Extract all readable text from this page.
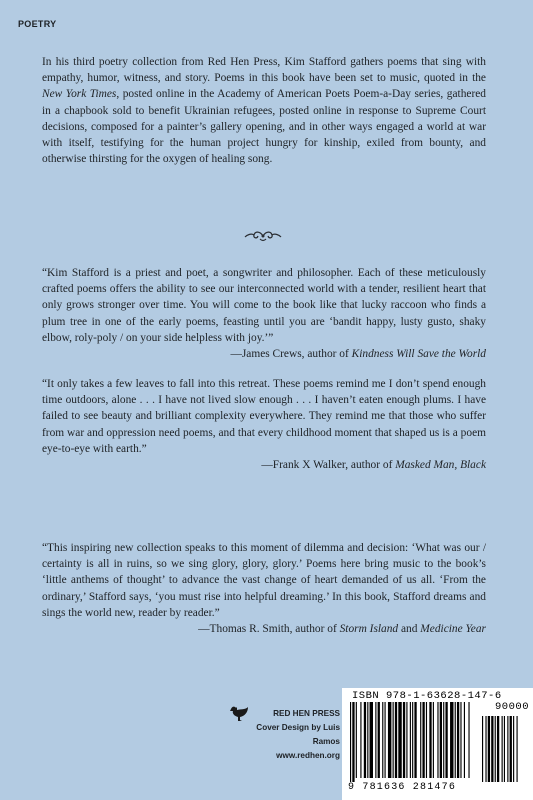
POETRY

In his third poetry collection from Red Hen Press, Kim Stafford gathers poems that sing with empathy, humor, witness, and story. Poems in this book have been set to music, quoted in the New York Times, posted online in the Academy of American Poets Poem-a-Day series, gathered in a chapbook sold to benefit Ukrainian refugees, posted online in response to Supreme Court decisions, composed for a painter’s gallery opening, and in other ways engaged a world at war with itself, testifying for the human project hungry for kinship, exiled from bounty, and otherwise thirsting for the oxygen of healing song.

“Kim Stafford is a priest and poet, a songwriter and philosopher. Each of these meticulously crafted poems offers the ability to see our interconnected world with a tender, resilient heart that only grows stronger over time. You will come to the book like that lucky raccoon who finds a plum tree in one of the early poems, feasting until you are ‘bandit happy, lusty gusto, shaky elbow, roly-poly / on your side helpless with joy.’”

—James Crews, author of Kindness Will Save the World

“It only takes a few leaves to fall into this retreat. These poems remind me I don’t spend enough time outdoors, alone . . . I have not lived slow enough . . . I haven’t eaten enough plums. I have failed to see beauty and brilliant complexity everywhere. They remind me that those who suffer from war and oppression need poems, and that every childhood moment that shaped us is a poem eye-to-eye with earth.”

—Frank X Walker, author of Masked Man, Black

“This inspiring new collection speaks to this moment of dilemma and decision: ‘What was our / certainty is all in ruins, so we sing glory, glory, glory.’ Poems here bring music to the book’s ‘little anthems of thought’ to advance the vast change of heart demanded of us all. ‘From the ordinary,’ Stafford says, ‘you must rise into helpful dreaming.’ In this book, Stafford dreams and sings the world new, reader by reader.”

—Thomas R. Smith, author of Storm Island and Medicine Year

RED HEN PRESS
Cover Design by Luis Ramos
www.redhen.org
ISBN 978-1-63628-147-6
90000
9 781636 281476
